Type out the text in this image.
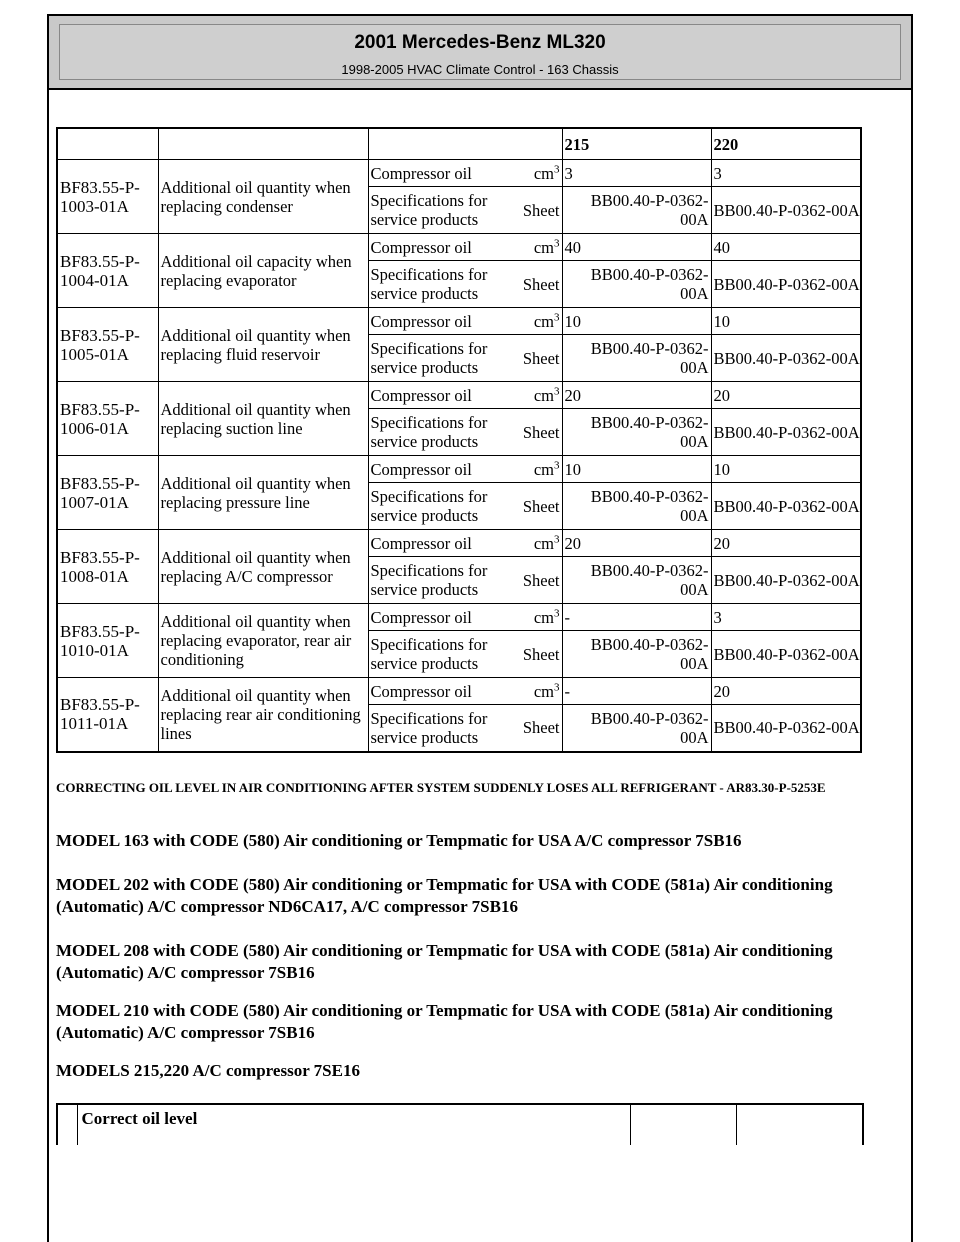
2001 Mercedes-Benz ML320
1998-2005 HVAC Climate Control - 163 Chassis
				215	220
BF83.55-P-1003-01A	Additional oil quantity when replacing condenser	Compressor oil	$cm^3$	3	3
		Specifications for service products	Sheet	BB00.40-P-0362-00A	BB00.40-P-0362-00A
BF83.55-P-1004-01A	Additional oil capacity when replacing evaporator	Compressor oil	$cm^3$	40	40
		Specifications for service products	Sheet	BB00.40-P-0362-00A	BB00.40-P-0362-00A
BF83.55-P-1005-01A	Additional oil quantity when replacing fluid reservoir	Compressor oil	$cm^3$	10	10
		Specifications for service products	Sheet	BB00.40-P-0362-00A	BB00.40-P-0362-00A
BF83.55-P-1006-01A	Additional oil quantity when replacing suction line	Compressor oil	$cm^3$	20	20
		Specifications for service products	Sheet	BB00.40-P-0362-00A	BB00.40-P-0362-00A
BF83.55-P-1007-01A	Additional oil quantity when replacing pressure line	Compressor oil	$cm^3$	10	10
		Specifications for service products	Sheet	BB00.40-P-0362-00A	BB00.40-P-0362-00A
BF83.55-P-1008-01A	Additional oil quantity when replacing A/C compressor	Compressor oil	$cm^3$	20	20
		Specifications for service products	Sheet	BB00.40-P-0362-00A	BB00.40-P-0362-00A
BF83.55-P-1010-01A	Additional oil quantity when replacing evaporator, rear air conditioning	Compressor oil	$cm^3$	-	3
		Specifications for service products	Sheet	BB00.40-P-0362-00A	BB00.40-P-0362-00A
BF83.55-P-1011-01A	Additional oil quantity when replacing rear air conditioning lines	Compressor oil	$cm^3$	-	20
		Specifications for service products	Sheet	BB00.40-P-0362-00A	BB00.40-P-0362-00A
CORRECTING OIL LEVEL IN AIR CONDITIONING AFTER SYSTEM SUDDENLY LOSES ALL REFRIGERANT - AR83.30-P-5253E
MODEL 163 with CODE (580) Air conditioning or Tempmatic for USA A/C compressor 7SB16
MODEL 202 with CODE (580) Air conditioning or Tempmatic for USA with CODE (581a) Air conditioning (Automatic) A/C compressor ND6CA17, A/C compressor 7SB16
MODEL 208 with CODE (580) Air conditioning or Tempmatic for USA with CODE (581a) Air conditioning (Automatic) A/C compressor 7SB16
MODEL 210 with CODE (580) Air conditioning or Tempmatic for USA with CODE (581a) Air conditioning (Automatic) A/C compressor 7SB16
MODELS 215,220 A/C compressor 7SE16
	Correct oil level		
